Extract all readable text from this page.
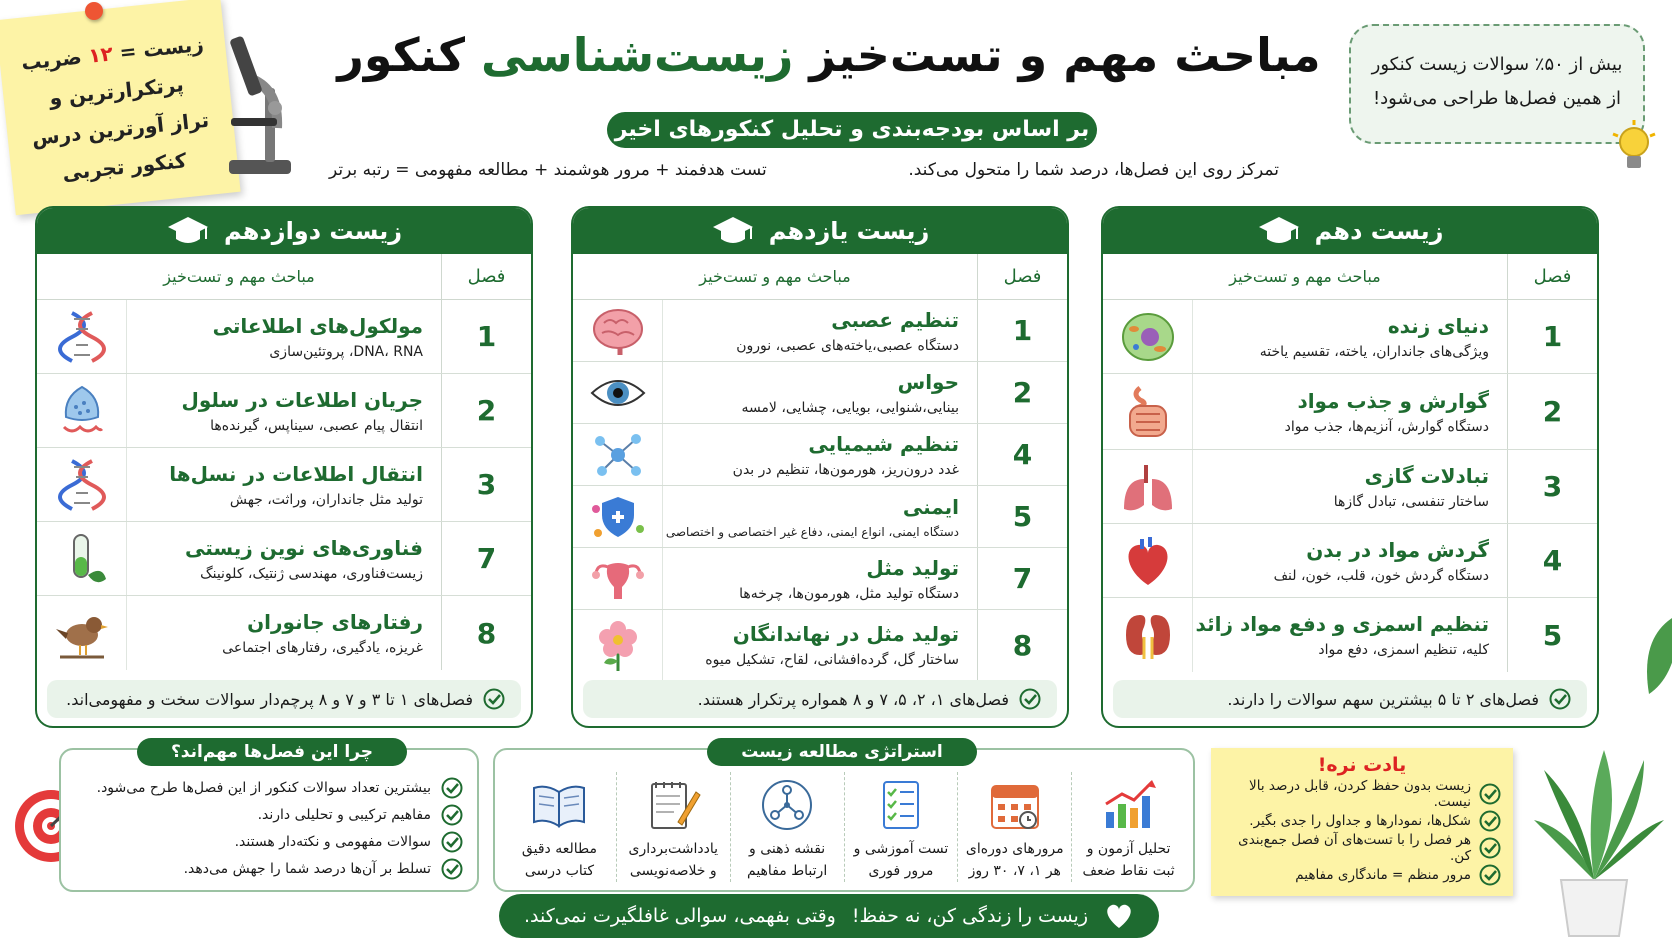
مباحث مهم و تست‌خیز زیست‌شناسی کنکور
بر اساس بودجه‌بندی و تحلیل کنکورهای اخیر
تمرکز روی این فصل‌ها، درصد شما را متحول می‌کند.
تست هدفمند + مرور هوشمند + مطالعه مفهومی = رتبه برتر
زیست = ۱۲ ضریب
پرتکرارترین و
تراز آورترین درس
کنکور تجربی
بیش از ۵۰٪ سوالات زیست کنکور
از همین فصل‌ها طراحی می‌شود!
زیست دهم
فصل
مباحث مهم و تست‌خیز
1
دنیای زنده
ویژگی‌های جانداران، یاخته، تقسیم یاخته
2
گوارش و جذب مواد
دستگاه گوارش، آنزیم‌ها، جذب مواد
3
تبادلات گازی
ساختار تنفسی، تبادل گازها
4
گردش مواد در بدن
دستگاه گردش خون، قلب، خون، لنف
5
تنظیم اسمزی و دفع مواد زائد
کلیه، تنظیم اسمزی، دفع مواد
فصل‌های ۲ تا ۵ بیشترین سهم سوالات را دارند.
زیست یازدهم
فصل
مباحث مهم و تست‌خیز
1
تنظیم عصبی
دستگاه عصبی،یاخته‌های عصبی، نورون
2
حواس
بینایی،شنوایی، بویایی، چشایی، لامسه
4
تنظیم شیمیایی
غدد درون‌ریز، هورمون‌ها، تنظیم در بدن
5
ایمنی
دستگاه ایمنی، انواع ایمنی، دفاع غیر اختصاصی و اختصاصی
7
تولید مثل
دستگاه تولید مثل، هورمون‌ها، چرخه‌ها
8
تولید مثل در نهاندانگان
ساختار گل، گرده‌افشانی، لقاح، تشکیل میوه
فصل‌های ۱، ۲، ۵، ۷ و ۸ همواره پرتکرار هستند.
زیست دوازدهم
فصل
مباحث مهم و تست‌خیز
1
مولکول‌های اطلاعاتی
DNA، RNA، پروتئین‌سازی
2
جریان اطلاعات در سلول
انتقال پیام عصبی، سیناپس، گیرنده‌ها
3
انتقال اطلاعات در نسل‌ها
تولید مثل جانداران، وراثت، جهش
7
فناوری‌های نوین زیستی
زیست‌فناوری، مهندسی ژنتیک، کلونینگ
8
رفتارهای جانوران
غریزه، یادگیری، رفتارهای اجتماعی
فصل‌های ۱ تا ۳ و ۷ و ۸ پرچم‌دار سوالات سخت و مفهومی‌اند.
چرا این فصل‌ها مهم‌اند؟
بیشترین تعداد سوالات کنکور از این فصل‌ها طرح می‌شود.
مفاهیم ترکیبی و تحلیلی دارند.
سوالات مفهومی و نکته‌دار هستند.
تسلط بر آن‌ها درصد شما را جهش می‌دهد.
استراتژی مطالعه زیست
تحلیل آزمون و
ثبت نقاط ضعف
مرورهای دوره‌ای
هر ۱، ۷، ۳۰ روز
تست آموزشی و
مرور فوری
نقشه ذهنی و
ارتباط مفاهیم
یادداشت‌برداری
و خلاصه‌نویسی
مطالعه دقیق
کتاب درسی
یادت نره!
زیست بدون حفظ کردن، قابل درصد بالا نیست.
شکل‌ها، نمودارها و جداول را جدی بگیر.
هر فصل را با تست‌های آن فصل جمع‌بندی کن.
مرور منظم = ماندگاری مفاهیم
زیست را زندگی کن، نه حفظ!
وقتی بفهمی، سوالی غافلگیرت نمی‌کند.
